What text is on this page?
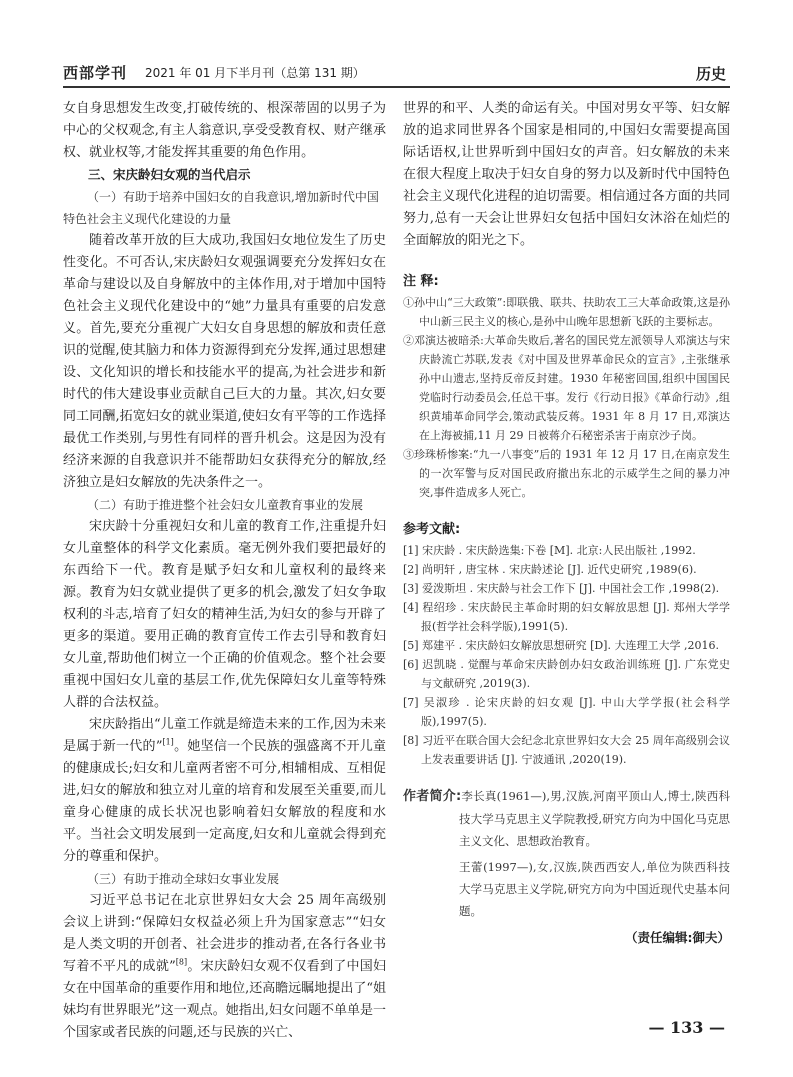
西部学刊 2021 年 01 月下半月刊（总第 131 期）	历史

女自身思想发生改变,打破传统的、根深蒂固的以男子为中心的父权观念,有主人翁意识,享受受教育权、财产继承权、就业权等,才能发挥其重要的角色作用。

三、宋庆龄妇女观的当代启示

（一）有助于培养中国妇女的自我意识,增加新时代中国特色社会主义现代化建设的力量

随着改革开放的巨大成功,我国妇女地位发生了历史性变化。不可否认,宋庆龄妇女观强调要充分发挥妇女在革命与建设以及自身解放中的主体作用,对于增加中国特色社会主义现代化建设中的“她”力量具有重要的启发意义。首先,要充分重视广大妇女自身思想的解放和责任意识的觉醒,使其脑力和体力资源得到充分发挥,通过思想建设、文化知识的增长和技能水平的提高,为社会进步和新时代的伟大建设事业贡献自己巨大的力量。其次,妇女要同工同酬,拓宽妇女的就业渠道,使妇女有平等的工作选择最优工作类别,与男性有同样的晋升机会。这是因为没有经济来源的自我意识并不能帮助妇女获得充分的解放,经济独立是妇女解放的先决条件之一。

（二）有助于推进整个社会妇女儿童教育事业的发展

宋庆龄十分重视妇女和儿童的教育工作,注重提升妇女儿童整体的科学文化素质。毫无例外我们要把最好的东西给下一代。教育是赋予妇女和儿童权利的最终来源。教育为妇女就业提供了更多的机会,激发了妇女争取权利的斗志,培育了妇女的精神生活,为妇女的参与开辟了更多的渠道。要用正确的教育宣传工作去引导和教育妇女儿童,帮助他们树立一个正确的价值观念。整个社会要重视中国妇女儿童的基层工作,优先保障妇女儿童等特殊人群的合法权益。

宋庆龄指出“儿童工作就是缔造未来的工作,因为未来是属于新一代的”[1]。她坚信一个民族的强盛离不开儿童的健康成长;妇女和儿童两者密不可分,相辅相成、互相促进,妇女的解放和独立对儿童的培育和发展至关重要,而儿童身心健康的成长状况也影响着妇女解放的程度和水平。当社会文明发展到一定高度,妇女和儿童就会得到充分的尊重和保护。

（三）有助于推动全球妇女事业发展

习近平总书记在北京世界妇女大会 25 周年高级别会议上讲到:“保障妇女权益必须上升为国家意志”“妇女是人类文明的开创者、社会进步的推动者,在各行各业书写着不平凡的成就”[8]。宋庆龄妇女观不仅看到了中国妇女在中国革命的重要作用和地位,还高瞻远瞩地提出了“姐妹均有世界眼光”这一观点。她指出,妇女问题不单单是一个国家或者民族的问题,还与民族的兴亡、

世界的和平、人类的命运有关。中国对男女平等、妇女解放的追求同世界各个国家是相同的,中国妇女需要提高国际话语权,让世界听到中国妇女的声音。妇女解放的未来在很大程度上取决于妇女自身的努力以及新时代中国特色社会主义现代化进程的迫切需要。相信通过各方面的共同努力,总有一天会让世界妇女包括中国妇女沐浴在灿烂的全面解放的阳光之下。

注 释:

①孙中山“三大政策”:即联俄、联共、扶助农工三大革命政策,这是孙中山新三民主义的核心,是孙中山晚年思想新飞跃的主要标志。

②邓演达被暗杀:大革命失败后,著名的国民党左派领导人邓演达与宋庆龄流亡苏联,发表《对中国及世界革命民众的宣言》,主张继承孙中山遗志,坚持反帝反封建。1930 年秘密回国,组织中国国民党临时行动委员会,任总干事。发行《行动日报》《革命行动》,组织黄埔革命同学会,策动武装反蒋。1931 年 8 月 17 日,邓演达在上海被捕,11 月 29 日被蒋介石秘密杀害于南京沙子岗。

③珍珠桥惨案:“九一八事变”后的 1931 年 12 月 17 日,在南京发生的一次军警与反对国民政府撤出东北的示威学生之间的暴力冲突,事件造成多人死亡。

参考文献:

[1] 宋庆龄 . 宋庆龄选集:下卷 [M]. 北京:人民出版社 ,1992.

[2] 尚明轩 , 唐宝林 . 宋庆龄述论 [J]. 近代史研究 ,1989(6).

[3] 爱泼斯坦 . 宋庆龄与社会工作下 [J]. 中国社会工作 ,1998(2).

[4] 程绍珍 . 宋庆龄民主革命时期的妇女解放思想 [J]. 郑州大学学报(哲学社会科学版),1991(5).

[5] 郑建平 . 宋庆龄妇女解放思想研究 [D]. 大连理工大学 ,2016.

[6] 迟凯晓 . 觉醒与革命宋庆龄创办妇女政治训练班 [J]. 广东党史与文献研究 ,2019(3).

[7] 吴淑珍 . 论宋庆龄的妇女观 [J]. 中山大学学报(社会科学版),1997(5).

[8] 习近平在联合国大会纪念北京世界妇女大会 25 周年高级别会议上发表重要讲话 [J]. 宁波通讯 ,2020(19).

作者简介:李长真(1961—),男,汉族,河南平顶山人,博士,陕西科技大学马克思主义学院教授,研究方向为中国化马克思主义文化、思想政治教育。

王蕾(1997—),女,汉族,陕西西安人,单位为陕西科技大学马克思主义学院,研究方向为中国近现代史基本问题。

（责任编辑:御夫）
— 133 —
